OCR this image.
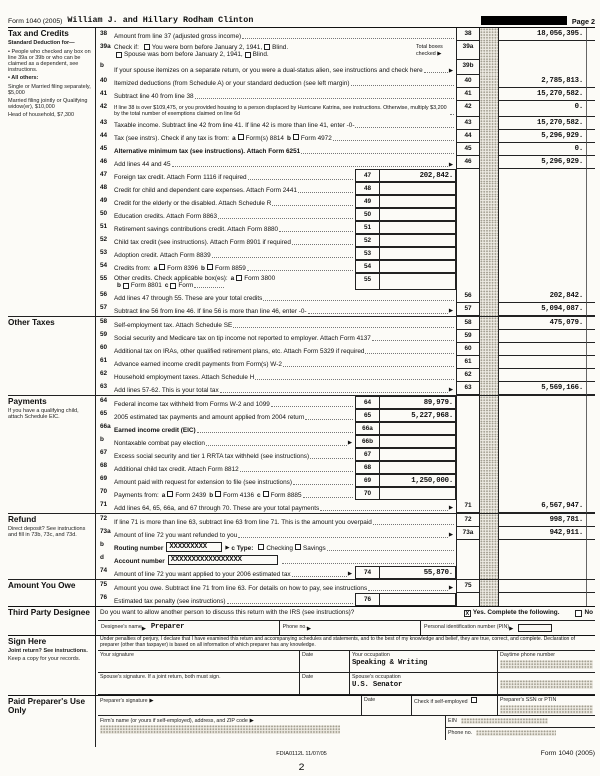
Form 1040 (2005) William J. and Hillary Rodham Clinton	Page 2
Tax and Credits
Standard Deduction for—
• People who checked any box on line 39a or 39b or who can be claimed as a dependent, see instructions.
• All others:
Single or Married filing separately, $5,000
Married filing jointly or Qualifying widow(er), $10,000
Head of household, $7,300
38
Amount from line 37 (adjusted gross income)	38	18,056,395.
39a Check if: You were born before January 2, 1941, Blind.
Spouse was born before January 2, 1941, Blind.
Total boxes
checked ▶
39a
b
If your spouse itemizes on a separate return, or you were a dual-status alien, see instructions and check here	▶
39b
40
Itemized deductions (from Schedule A) or your standard deduction (see left margin)	40	2,785,813.
41
Subtract line 40 from line 38	41	15,270,582.
42	If line 38 is over $109,475, or you provided housing to a person displaced by Hurricane Katrina, see instructions. Otherwise, multiply $3,200 by the total number of exemptions claimed on line 6d
42	0.
43
Taxable income. Subtract line 42 from line 41. If line 42 is more than line 41, enter -0-	43	15,270,582.
44
Tax (see instrs). Check if any tax is from: a Form(s) 8814 b Form 4972	44	5,296,929.
45
Alternative minimum tax (see instructions). Attach Form 6251	45	0.
46
Add lines 44 and 45	▶	46	5,296,929.
47
Foreign tax credit. Attach Form 1116 if required	47	202,842.
48
Credit for child and dependent care expenses. Attach Form 2441	48
49
Credit for the elderly or the disabled. Attach Schedule R	49
50
Education credits. Attach Form 8863	50
51
Retirement savings contributions credit. Attach Form 8880	51
52
Child tax credit (see instructions). Attach Form 8901 if required	52
53
Adoption credit. Attach Form 8839	53
54
Credits from: a Form 8396 b Form 8859	54
55	Other credits. Check applicable box(es): a Form 3800
b Form 8801 c Form
55
56
Add lines 47 through 55. These are your total credits	56	202,842.
57
Subtract line 56 from line 46. If line 56 is more than line 46, enter -0-	▶	57	5,094,087.
Other Taxes	58
Self-employment tax. Attach Schedule SE	58	475,079.
59
Social security and Medicare tax on tip income not reported to employer. Attach Form 4137	59
60
Additional tax on IRAs, other qualified retirement plans, etc. Attach Form 5329 if required	60
61
Advance earned income credit payments from Form(s) W-2	61
62
Household employment taxes. Attach Schedule H	62
63
Add lines 57-62. This is your total tax	▶	63	5,569,166.
Payments
If you have a qualifying child, attach Schedule EIC.
64
Federal income tax withheld from Forms W-2 and 1099	64	89,979.
65
2005 estimated tax payments and amount applied from 2004 return	65	5,227,968.
66a
Earned income credit (EIC)	66a
b
Nontaxable combat pay election	▶	66b
67
Excess social security and tier 1 RRTA tax withheld (see instructions)	67
68
Additional child tax credit. Attach Form 8812	68
69
Amount paid with request for extension to file (see instructions)	69	1,250,000.
70
Payments from: a Form 2439 b Form 4136 c Form 8885	70
71
Add lines 64, 65, 66a, and 67 through 70. These are your total payments	▶	71	6,567,947.
Refund
Direct deposit? See instructions and fill in 73b, 73c, and 73d.
72
If line 71 is more than line 63, subtract line 63 from line 71. This is the amount you overpaid	72	998,781.
73a
Amount of line 72 you want refunded to you	▶	73a	942,911.
b
Routing number XXXXXXXXX	▶ c Type: Checking Savings
d
Account number XXXXXXXXXXXXXXXXX
74
Amount of line 72 you want applied to your 2006 estimated tax	▶	74	55,870.
Amount You Owe	75
Amount you owe. Subtract line 71 from line 63. For details on how to pay, see instructions	▶	75
76
Estimated tax penalty (see instructions)	76
Third Party Designee	Do you want to allow another person to discuss this return with the IRS (see instructions)?	X Yes. Complete the following.	No
Designee's name ▶ Preparer	Phone no. ▶	Personal identification number (PIN) ▶
Sign Here
Joint return? See instructions.
Keep a copy for your records.
Under penalties of perjury, I declare that I have examined this return and accompanying schedules and statements, and to the best of my knowledge and belief, they are true, correct, and complete. Declaration of preparer (other than taxpayer) is based on all information of which preparer has any knowledge.
Your signature	Date	Your occupation
Speaking & Writing
Daytime phone number
Spouse's signature. If a joint return, both must sign.	Date	Spouse's occupation
U.S. Senator
Paid Preparer's Use Only
Preparer's signature ▶	Date	Check if self-employed	Preparer's SSN or PTIN
Firm's name (or yours if self-employed), address, and ZIP code ▶	EIN
Phone no.
FDIA0112L 11/07/05	Form 1040 (2005)
2
